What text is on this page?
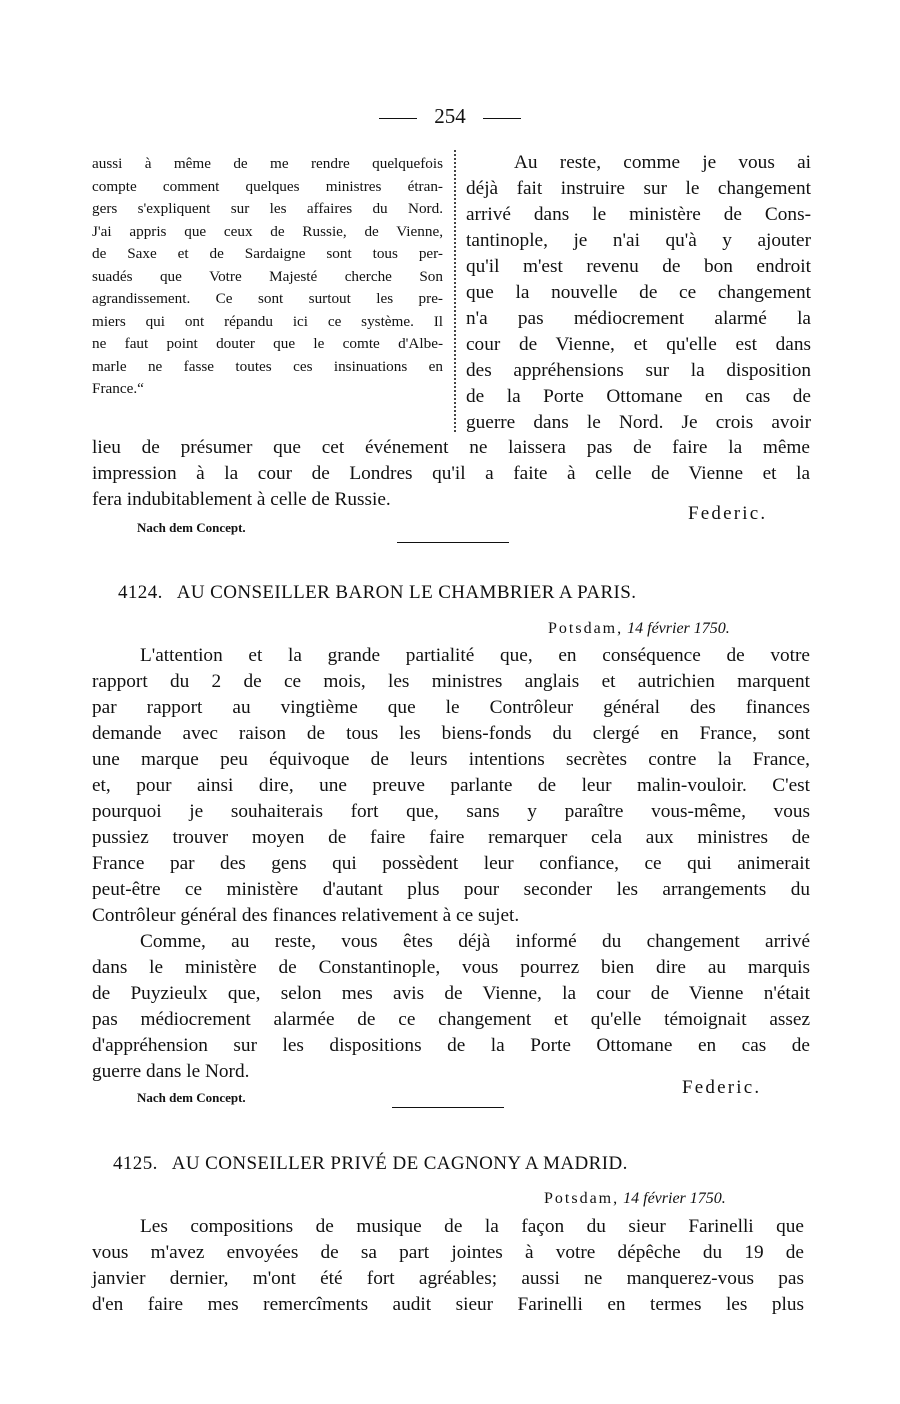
254
aussi à même de me rendre quelquefois
compte comment quelques ministres étran-
gers s'expliquent sur les affaires du Nord.
J'ai appris que ceux de Russie, de Vienne,
de Saxe et de Sardaigne sont tous per-
suadés que Votre Majesté cherche Son
agrandissement. Ce sont surtout les pre-
miers qui ont répandu ici ce système. Il
ne faut point douter que le comte d'Albe-
marle ne fasse toutes ces insinuations en
France.“
Au reste, comme je vous ai
déjà fait instruire sur le changement
arrivé dans le ministère de Cons-
tantinople, je n'ai qu'à y ajouter
qu'il m'est revenu de bon endroit
que la nouvelle de ce changement
n'a pas médiocrement alarmé la
cour de Vienne, et qu'elle est dans
des appréhensions sur la disposition
de la Porte Ottomane en cas de
guerre dans le Nord. Je crois avoir
lieu de présumer que cet événement ne laissera pas de faire la même
impression à la cour de Londres qu'il a faite à celle de Vienne et la
fera indubitablement à celle de Russie.
Federic.
Nach dem Concept.
4124. AU CONSEILLER BARON LE CHAMBRIER A PARIS.
Potsdam, 14 février 1750.
L'attention et la grande partialité que, en conséquence de votre
rapport du 2 de ce mois, les ministres anglais et autrichien marquent
par rapport au vingtième que le Contrôleur général des finances
demande avec raison de tous les biens-fonds du clergé en France, sont
une marque peu équivoque de leurs intentions secrètes contre la France,
et, pour ainsi dire, une preuve parlante de leur malin-vouloir. C'est
pourquoi je souhaiterais fort que, sans y paraître vous-même, vous
pussiez trouver moyen de faire faire remarquer cela aux ministres de
France par des gens qui possèdent leur confiance, ce qui animerait
peut-être ce ministère d'autant plus pour seconder les arrangements du
Contrôleur général des finances relativement à ce sujet.
Comme, au reste, vous êtes déjà informé du changement arrivé
dans le ministère de Constantinople, vous pourrez bien dire au marquis
de Puyzieulx que, selon mes avis de Vienne, la cour de Vienne n'était
pas médiocrement alarmée de ce changement et qu'elle témoignait assez
d'appréhension sur les dispositions de la Porte Ottomane en cas de
guerre dans le Nord.
Federic.
Nach dem Concept.
4125. AU CONSEILLER PRIVÉ DE CAGNONY A MADRID.
Potsdam, 14 février 1750.
Les compositions de musique de la façon du sieur Farinelli que
vous m'avez envoyées de sa part jointes à votre dépêche du 19 de
janvier dernier, m'ont été fort agréables; aussi ne manquerez-vous pas
d'en faire mes remercîments audit sieur Farinelli en termes les plus
